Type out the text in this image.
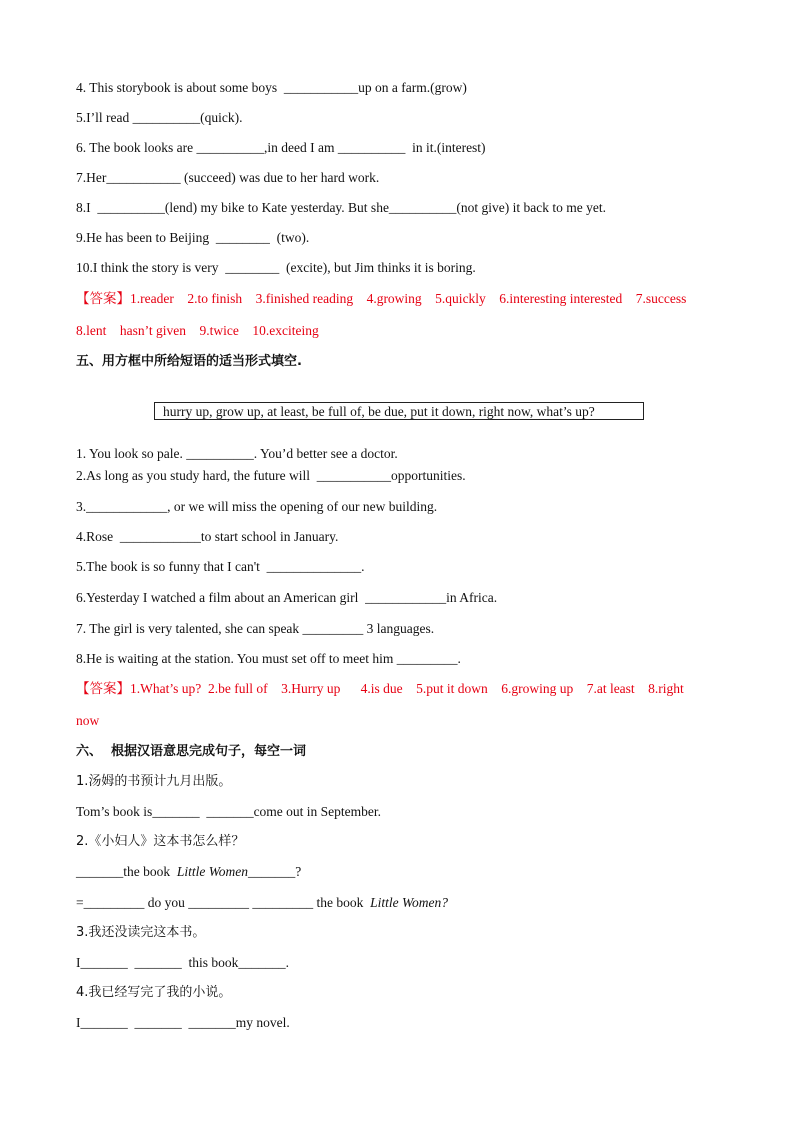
4. This storybook is about some boys  ___________up on a farm.(grow)
5.I’ll read __________(quick).
6. The book looks are __________,in deed I am __________  in it.(interest)
7.Her___________ (succeed) was due to her hard work.
8.I  __________(lend) my bike to Kate yesterday. But she__________(not give) it back to me yet.
9.He has been to Beijing  ________  (two).
10.I think the story is very  ________  (excite), but Jim thinks it is boring.
【答案】1.reader    2.to finish    3.finished reading    4.growing    5.quickly    6.interesting interested    7.success
8.lent    hasn’t given    9.twice    10.exciteing
五、用方框中所给短语的适当形式填空.
hurry up, grow up, at least, be full of, be due, put it down, right now, what’s up?
1. You look so pale. __________. You’d better see a doctor.
2.As long as you study hard, the future will  ___________opportunities.
3.____________, or we will miss the opening of our new building.
4.Rose  ____________to start school in January.
5.The book is so funny that I can't  ______________.
6.Yesterday I watched a film about an American girl  ____________in Africa.
7. The girl is very talented, she can speak _________ 3 languages.
8.He is waiting at the station. You must set off to meet him _________.
【答案】1.What’s up?  2.be full of    3.Hurry up      4.is due    5.put it down    6.growing up    7.at least    8.right
now
六、  根据汉语意思完成句子，每空一词
1.汤姆的书预计九月出版。
Tom’s book is_______  _______come out in September.
2.《小妇人》这本书怎么样？
_______the book  Little Women_______?
=_________ do you _________ _________ the book  Little Women?
3.我还没读完这本书。
I_______  _______  this book_______.
4.我已经写完了我的小说。
I_______  _______  _______my novel.
